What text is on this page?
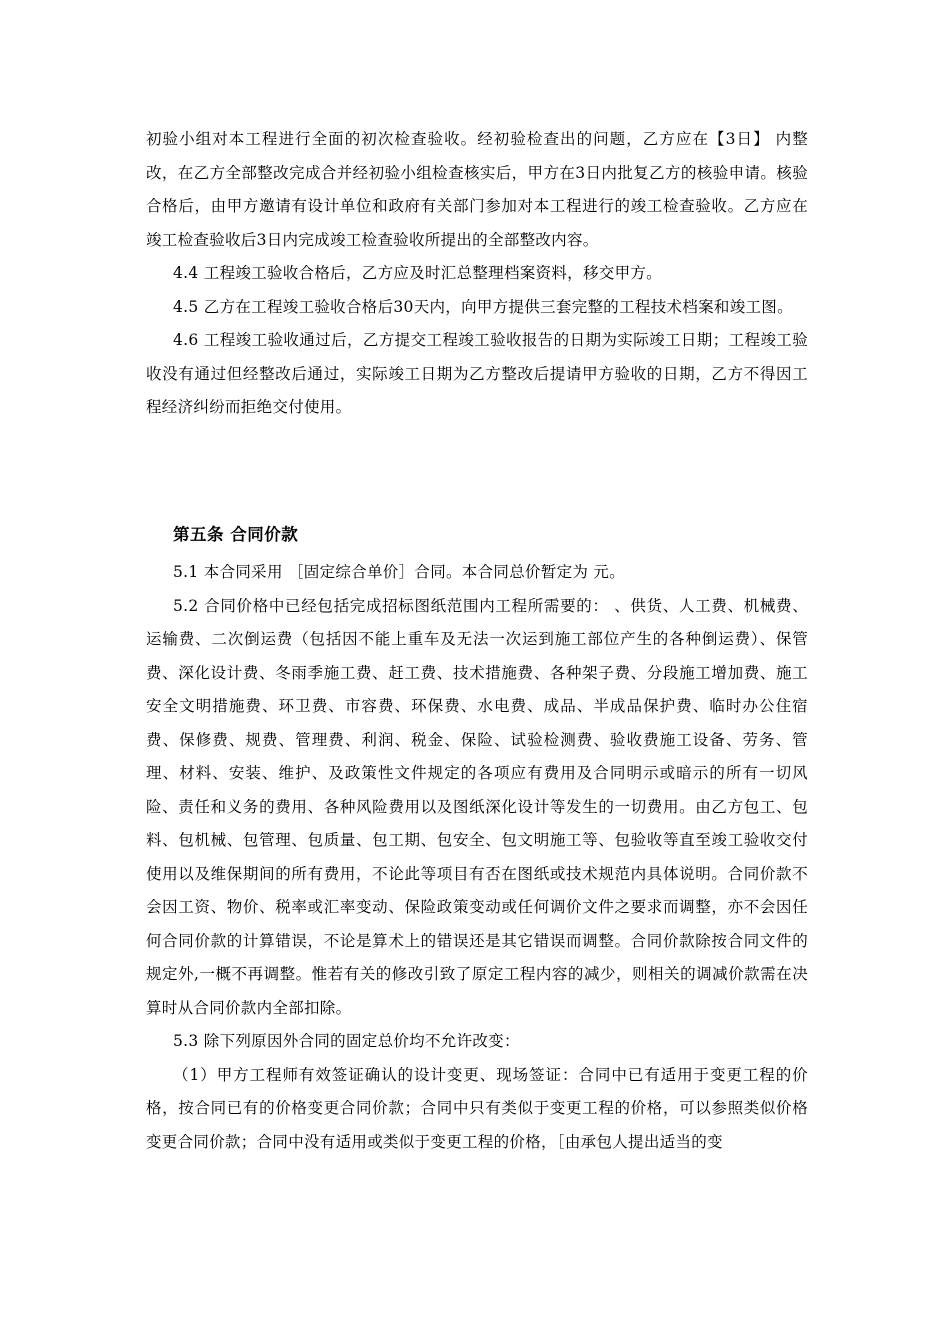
初验小组对本工程进行全面的初次检查验收。经初验检查出的问题，乙方应在【3日】 内整改，在乙方全部整改完成合并经初验小组检查核实后，甲方在3日内批复乙方的核验申请。核验合格后，由甲方邀请有设计单位和政府有关部门参加对本工程进行的竣工检查验收。乙方应在竣工检查验收后3日内完成竣工检查验收所提出的全部整改内容。

4.4 工程竣工验收合格后，乙方应及时汇总整理档案资料，移交甲方。

4.5 乙方在工程竣工验收合格后30天内，向甲方提供三套完整的工程技术档案和竣工图。

4.6 工程竣工验收通过后，乙方提交工程竣工验收报告的日期为实际竣工日期；工程竣工验收没有通过但经整改后通过，实际竣工日期为乙方整改后提请甲方验收的日期，乙方不得因工程经济纠纷而拒绝交付使用。

第五条 合同价款

5.1 本合同采用 ［固定综合单价］合同。本合同总价暂定为 元。

5.2 合同价格中已经包括完成招标图纸范围内工程所需要的： 、供货、人工费、机械费、运输费、二次倒运费（包括因不能上重车及无法一次运到施工部位产生的各种倒运费）、保管费、深化设计费、冬雨季施工费、赶工费、技术措施费、各种架子费、分段施工增加费、施工安全文明措施费、环卫费、市容费、环保费、水电费、成品、半成品保护费、临时办公住宿费、保修费、规费、管理费、利润、税金、保险、试验检测费、验收费施工设备、劳务、管理、材料、安装、维护、及政策性文件规定的各项应有费用及合同明示或暗示的所有一切风险、责任和义务的费用、各种风险费用以及图纸深化设计等发生的一切费用。由乙方包工、包料、包机械、包管理、包质量、包工期、包安全、包文明施工等、包验收等直至竣工验收交付使用以及维保期间的所有费用，不论此等项目有否在图纸或技术规范内具体说明。合同价款不会因工资、物价、税率或汇率变动、保险政策变动或任何调价文件之要求而调整，亦不会因任何合同价款的计算错误，不论是算术上的错误还是其它错误而调整。合同价款除按合同文件的规定外,一概不再调整。惟若有关的修改引致了原定工程内容的减少，则相关的调减价款需在决算时从合同价款内全部扣除。

5.3 除下列原因外合同的固定总价均不允许改变：

（1）甲方工程师有效签证确认的设计变更、现场签证：合同中已有适用于变更工程的价格，按合同已有的价格变更合同价款；合同中只有类似于变更工程的价格，可以参照类似价格变更合同价款；合同中没有适用或类似于变更工程的价格，［由承包人提出适当的变
